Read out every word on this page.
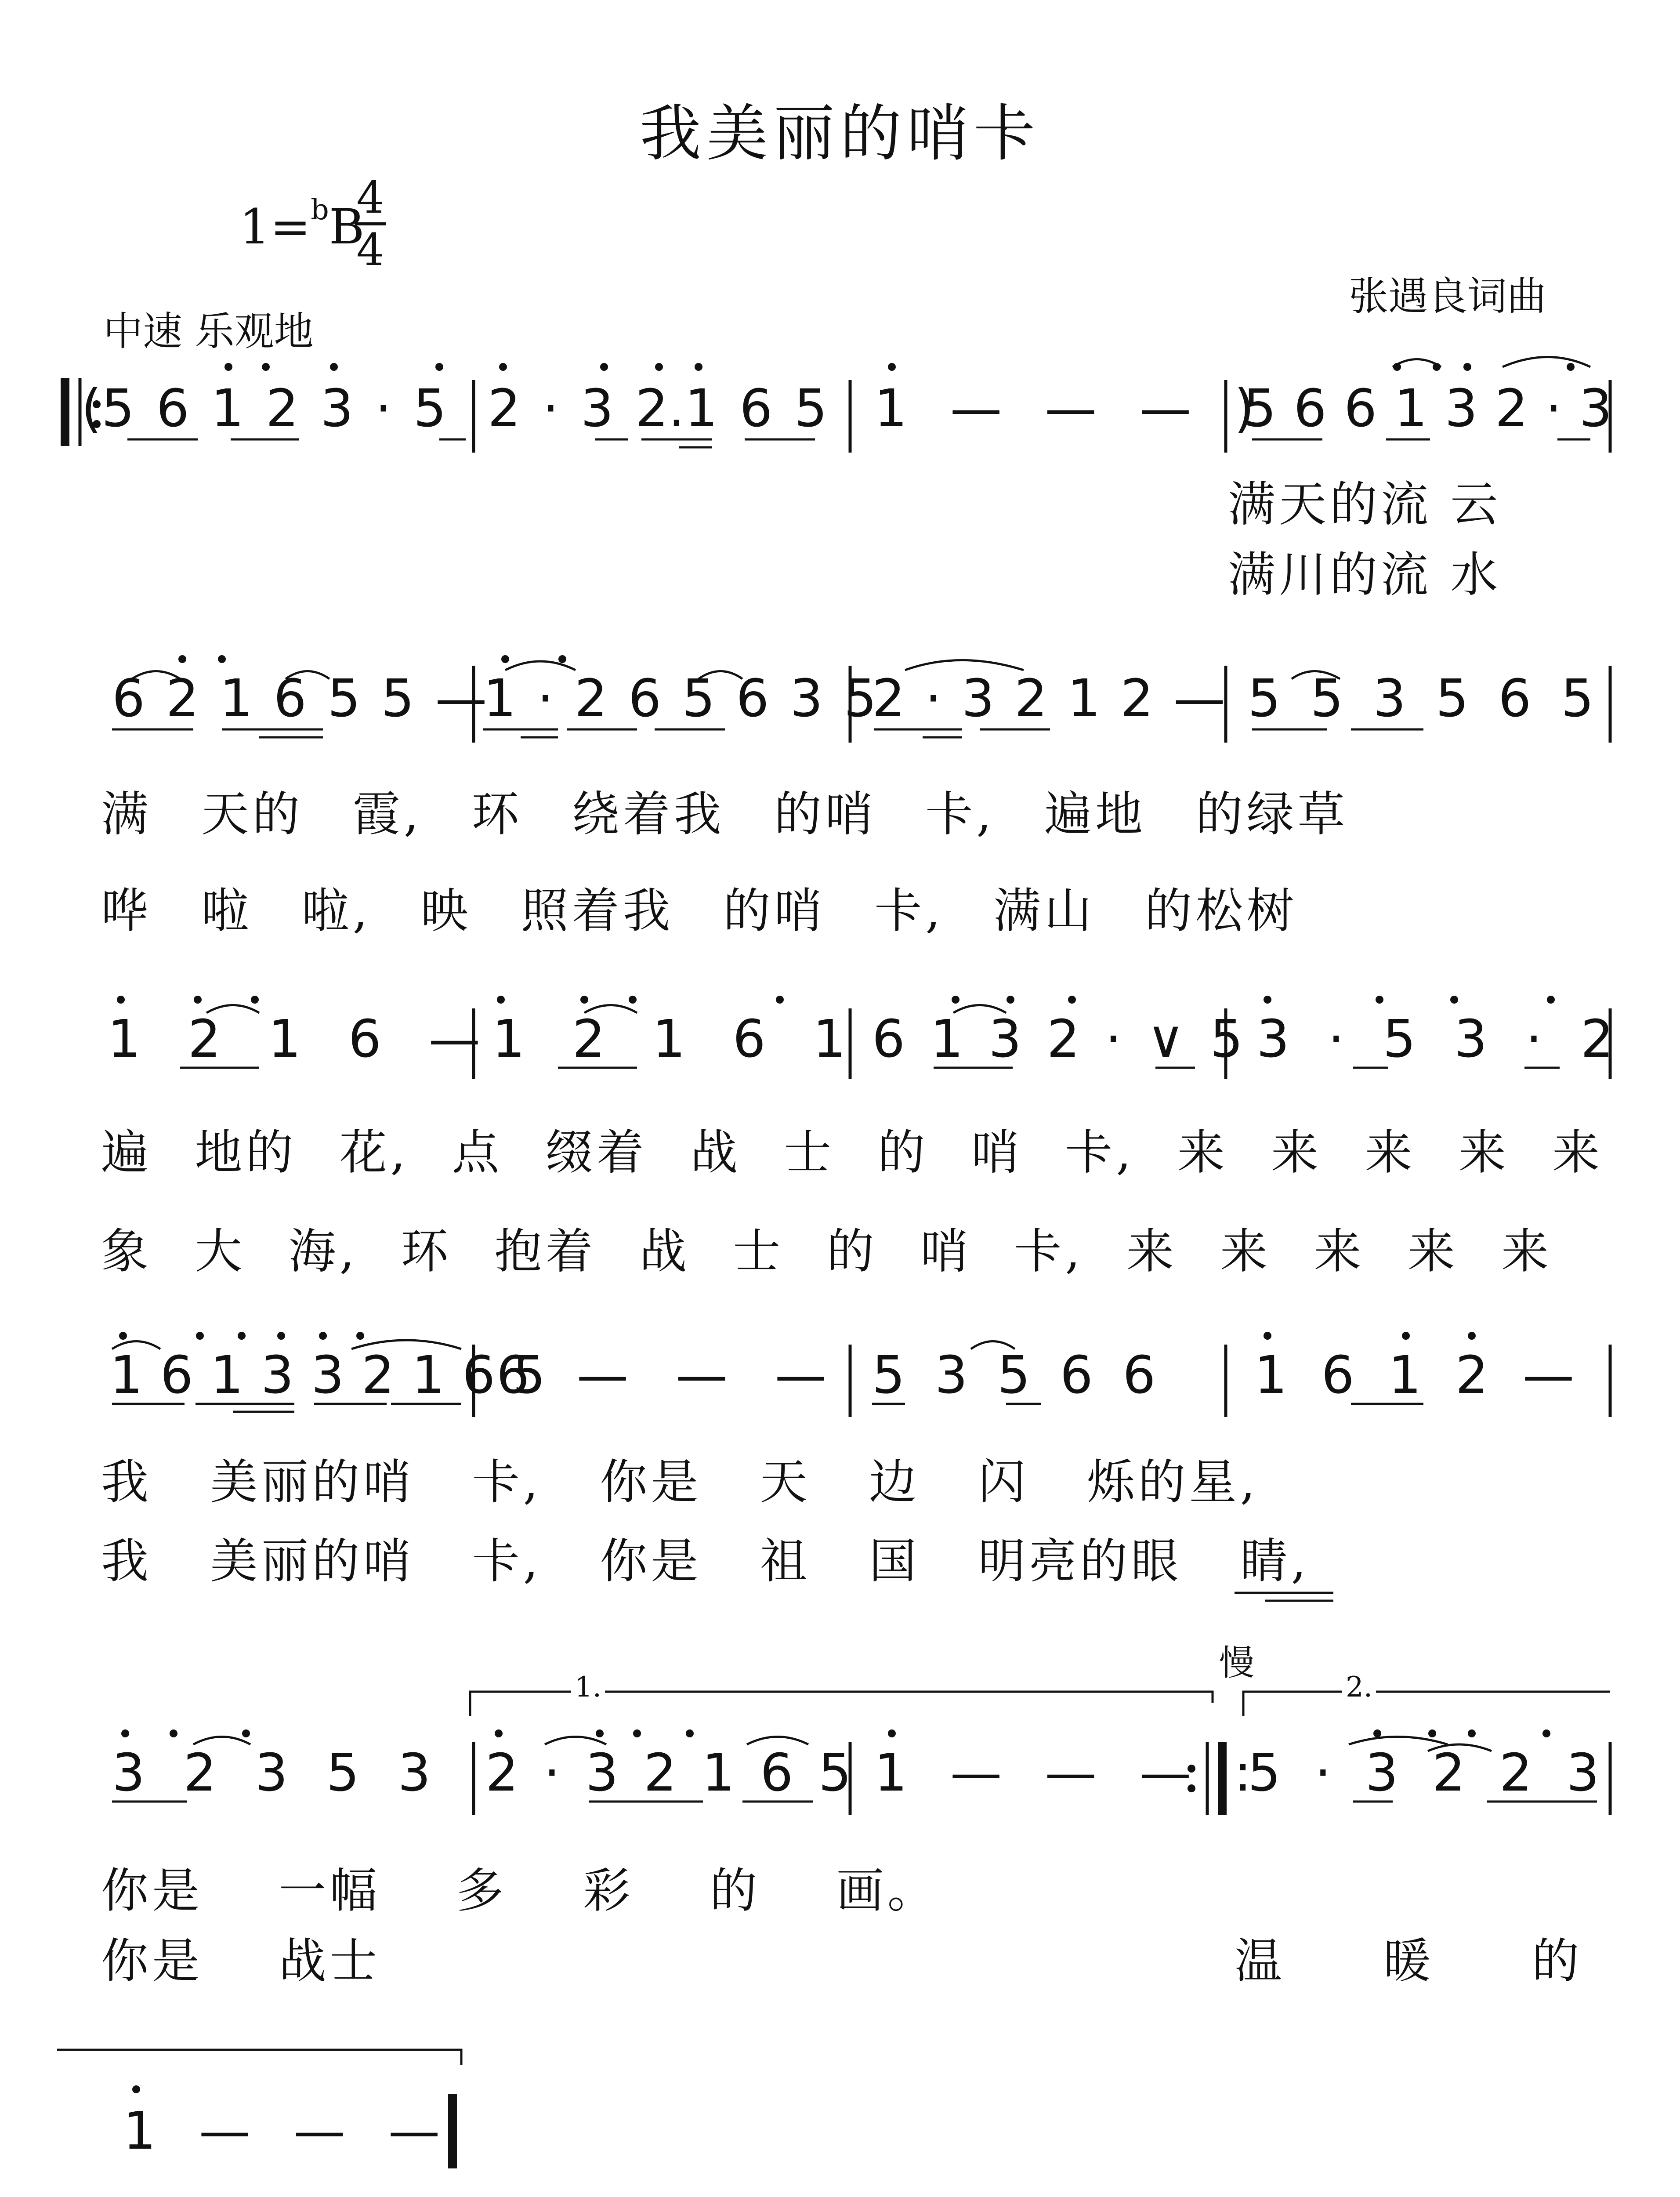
我美丽的哨卡
1=$^b$B
$\frac{4}{4}$
中速 乐观地
张遇良词曲
(5 6 1 2 3 · 5 2 · 3 2.1 6 5 1 — — — )
5 6 6 1 3 2 · 3
6 2 1 6 5 5 —
1 · 2 6 5 6 3 5
2 · 3 2 1 2 — 5 5 3 5 6 5
1 2 1 6 — 1 2 1 6 1 6 1 3 2 · ∨ 5 3 · 5 3 · 2
1 6 1 3 3 2 1 6 5
6 — — — 5 3 5 6 6 1 6 1 2 —
3 2 3 5 3 2 · 3 2 1 6 5 1 — — — :
5 · 3 2 2 3
1 — — —
慢
1.	2.
满天的流 云
满川的流 水
满 天的 霞, 环 绕着我 的哨 卡, 遍地 的绿草
哗 啦 啦, 映 照着我 的哨 卡, 满山 的松树
遍 地的 花, 点 缀着 战 士 的 哨 卡, 来 来 来 来 来
象 大 海, 环 抱着 战 士 的 哨 卡, 来 来 来 来 来
我 美丽的哨 卡, 你是 天 边 闪 烁的星,
我 美丽的哨 卡, 你是 祖 国 明亮的眼 睛,
你是 一幅 多 彩 的 画。
你是 战士	温 暖 的
